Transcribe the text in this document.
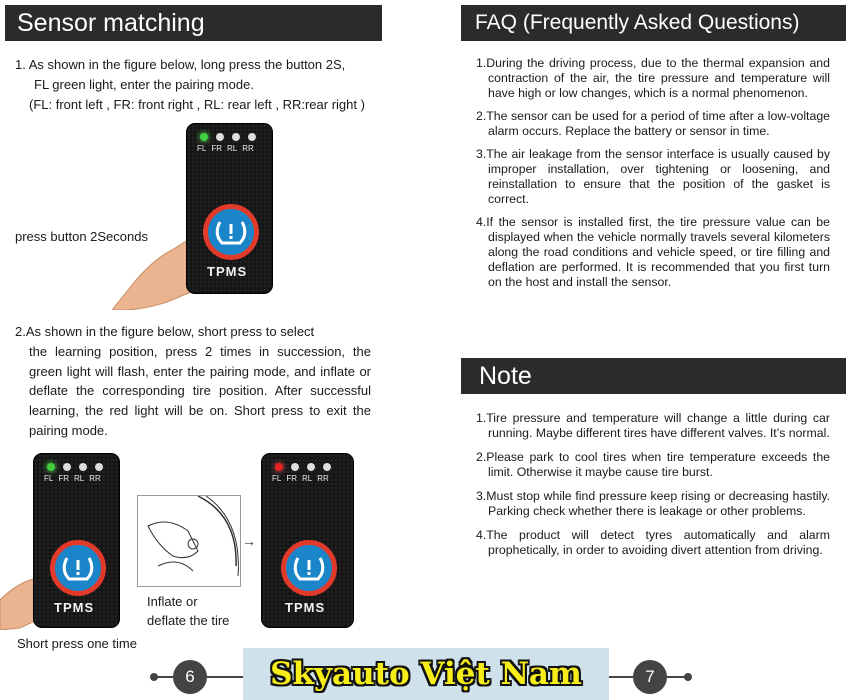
Sensor matching
1. As shown in the figure below, long press the button 2S,
FL green light, enter the pairing mode.
(FL: front left , FR: front right , RL: rear left , RR:rear right )
press button 2Seconds
FL FR RL RR
TPMS
2.As shown in the figure below, short press to select
the learning position, press 2 times in succession, the green light will flash, enter the pairing mode, and inflate or deflate the corresponding tire position. After successful learning, the red light will be on. Short press to exit the pairing mode.
FL FR RL RR
TPMS	Inflate or
deflate the tire
→
FL FR RL RR
TPMS
Short press one time
6
FAQ (Frequently Asked Questions)
1.During the driving process, due to the thermal expansion and contraction of the air, the tire pressure and temperature will have high or low changes, which is a normal phenomenon.
2.The sensor can be used for a period of time after a low-voltage alarm occurs. Replace the battery or sensor in time.
3.The air leakage from the sensor interface is usually caused by improper installation, over tightening or loosening, and reinstallation to ensure that the position of the gasket is correct.
4.If the sensor is installed first, the tire pressure value can be displayed when the vehicle normally travels several kilometers along the road conditions and vehicle speed, or tire filling and deflation are performed. It is recommended that you first turn on the host and install the sensor.
Note
1.Tire pressure and temperature will change a little during car running. Maybe different tires have different valves. It’s normal.
2.Please park to cool tires when tire temperature exceeds the limit. Otherwise it maybe cause tire burst.
3.Must stop while find pressure keep rising or decreasing hastily. Parking check whether there is leakage or other problems.
4.The product will detect tyres automatically and alarm prophetically, in order to avoiding divert attention from driving.
7
Skyauto Việt Nam
